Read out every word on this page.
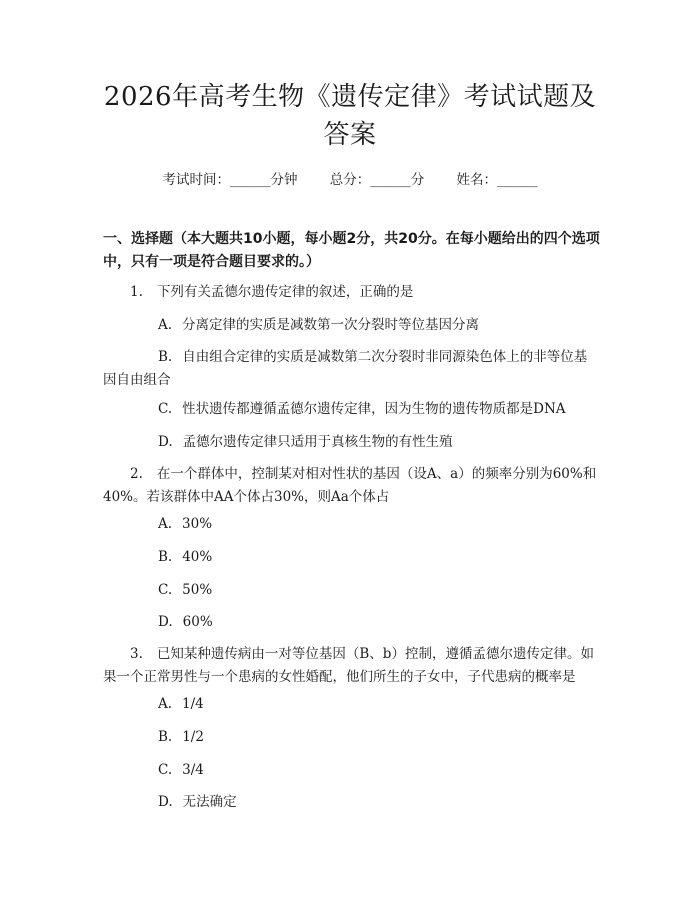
2026年高考生物《遗传定律》考试试题及答案
考试时间：______分钟 总分：______分 姓名：______
一、选择题（本大题共10小题，每小题2分，共20分。在每小题给出的四个选项中，只有一项是符合题目要求的。）
1. 下列有关孟德尔遗传定律的叙述，正确的是
A. 分离定律的实质是减数第一次分裂时等位基因分离
B. 自由组合定律的实质是减数第二次分裂时非同源染色体上的非等位基因自由组合
C. 性状遗传都遵循孟德尔遗传定律，因为生物的遗传物质都是DNA
D. 孟德尔遗传定律只适用于真核生物的有性生殖
2. 在一个群体中，控制某对相对性状的基因（设A、a）的频率分别为60%和40%。若该群体中AA个体占30%，则Aa个体占
A. 30%
B. 40%
C. 50%
D. 60%
3. 已知某种遗传病由一对等位基因（B、b）控制，遵循孟德尔遗传定律。如果一个正常男性与一个患病的女性婚配，他们所生的子女中，子代患病的概率是
A. 1/4
B. 1/2
C. 3/4
D. 无法确定
